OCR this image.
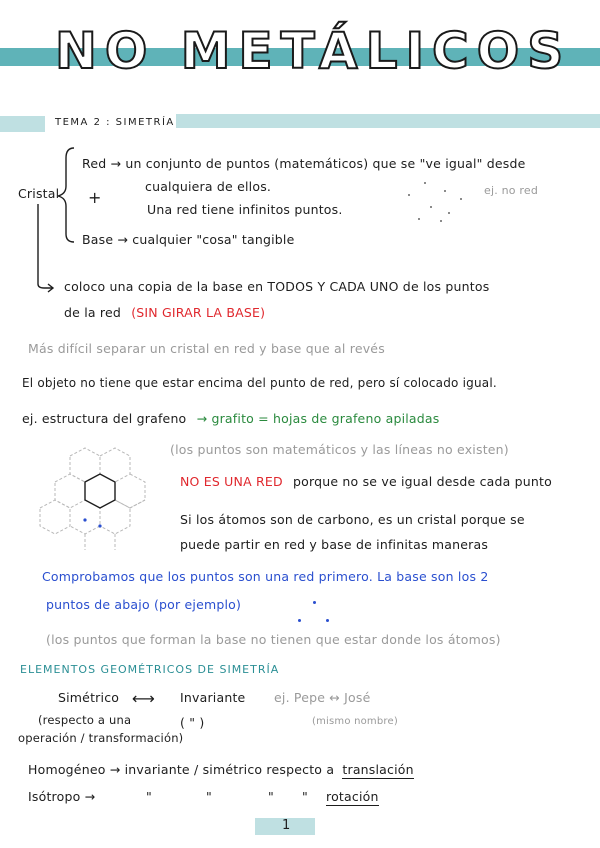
NO METÁLICOS
TEMA 2 : SIMETRÍA
Cristal
Red → un conjunto de puntos (matemáticos) que se "ve igual" desde
cualquiera de ellos.
+
Una red tiene infinitos puntos.
ej. no red
Base → cualquier "cosa" tangible
coloco una copia de la base en TODOS Y CADA UNO de los puntos
de la red (SIN GIRAR LA BASE)
Más difícil separar un cristal en red y base que al revés
El objeto no tiene que estar encima del punto de red, pero sí colocado igual.
ej. estructura del grafeno → grafito = hojas de grafeno apiladas
(los puntos son matemáticos y las líneas no existen)
NO ES UNA RED porque no se ve igual desde cada punto
Si los átomos son de carbono, es un cristal porque se
puede partir en red y base de infinitas maneras
Comprobamos que los puntos son una red primero. La base son los 2
puntos de abajo (por ejemplo)
(los puntos que forman la base no tienen que estar donde los átomos)
ELEMENTOS GEOMÉTRICOS DE SIMETRÍA
Simétrico ⟷ Invariante ej. Pepe ↔ José
(respecto a una	( " )	(mismo nombre)
operación / transformación)
Homogéneo → invariante / simétrico respecto a translación
Isótropo →	"	"	" " rotación
1
